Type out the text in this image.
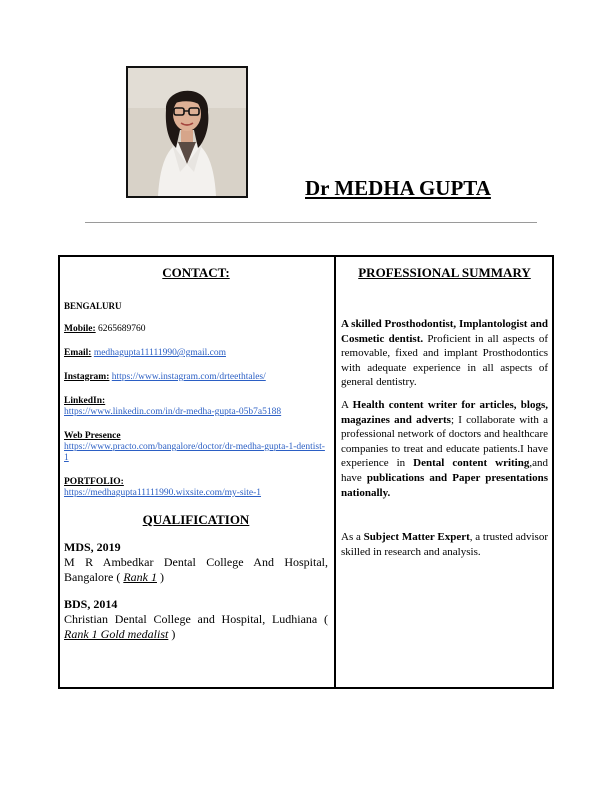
Dr MEDHA GUPTA
CONTACT:
BENGALURU
Mobile: 6265689760
Email: medhagupta11111990@gmail.com
Instagram: https://www.instagram.com/drteethtales/
LinkedIn:
https://www.linkedin.com/in/dr-medha-gupta-05b7a5188
Web Presence
https://www.practo.com/bangalore/doctor/dr-medha-gupta-1-dentist-1
PORTFOLIO:
https://medhagupta11111990.wixsite.com/my-site-1
QUALIFICATION
MDS, 2019
M R Ambedkar Dental College And Hospital, Bangalore ( Rank 1 )
BDS, 2014
Christian Dental College and Hospital, Ludhiana ( Rank 1 Gold medalist )
PROFESSIONAL SUMMARY
A skilled Prosthodontist, Implantologist and Cosmetic dentist. Proficient in all aspects of removable, fixed and implant Prosthodontics with adequate experience in all aspects of general dentistry.
A Health content writer for articles, blogs, magazines and adverts; I collaborate with a professional network of doctors and healthcare companies to treat and educate patients.I have experience in Dental content writing,and have publications and Paper presentations nationally.
As a Subject Matter Expert, a trusted advisor skilled in research and analysis.
